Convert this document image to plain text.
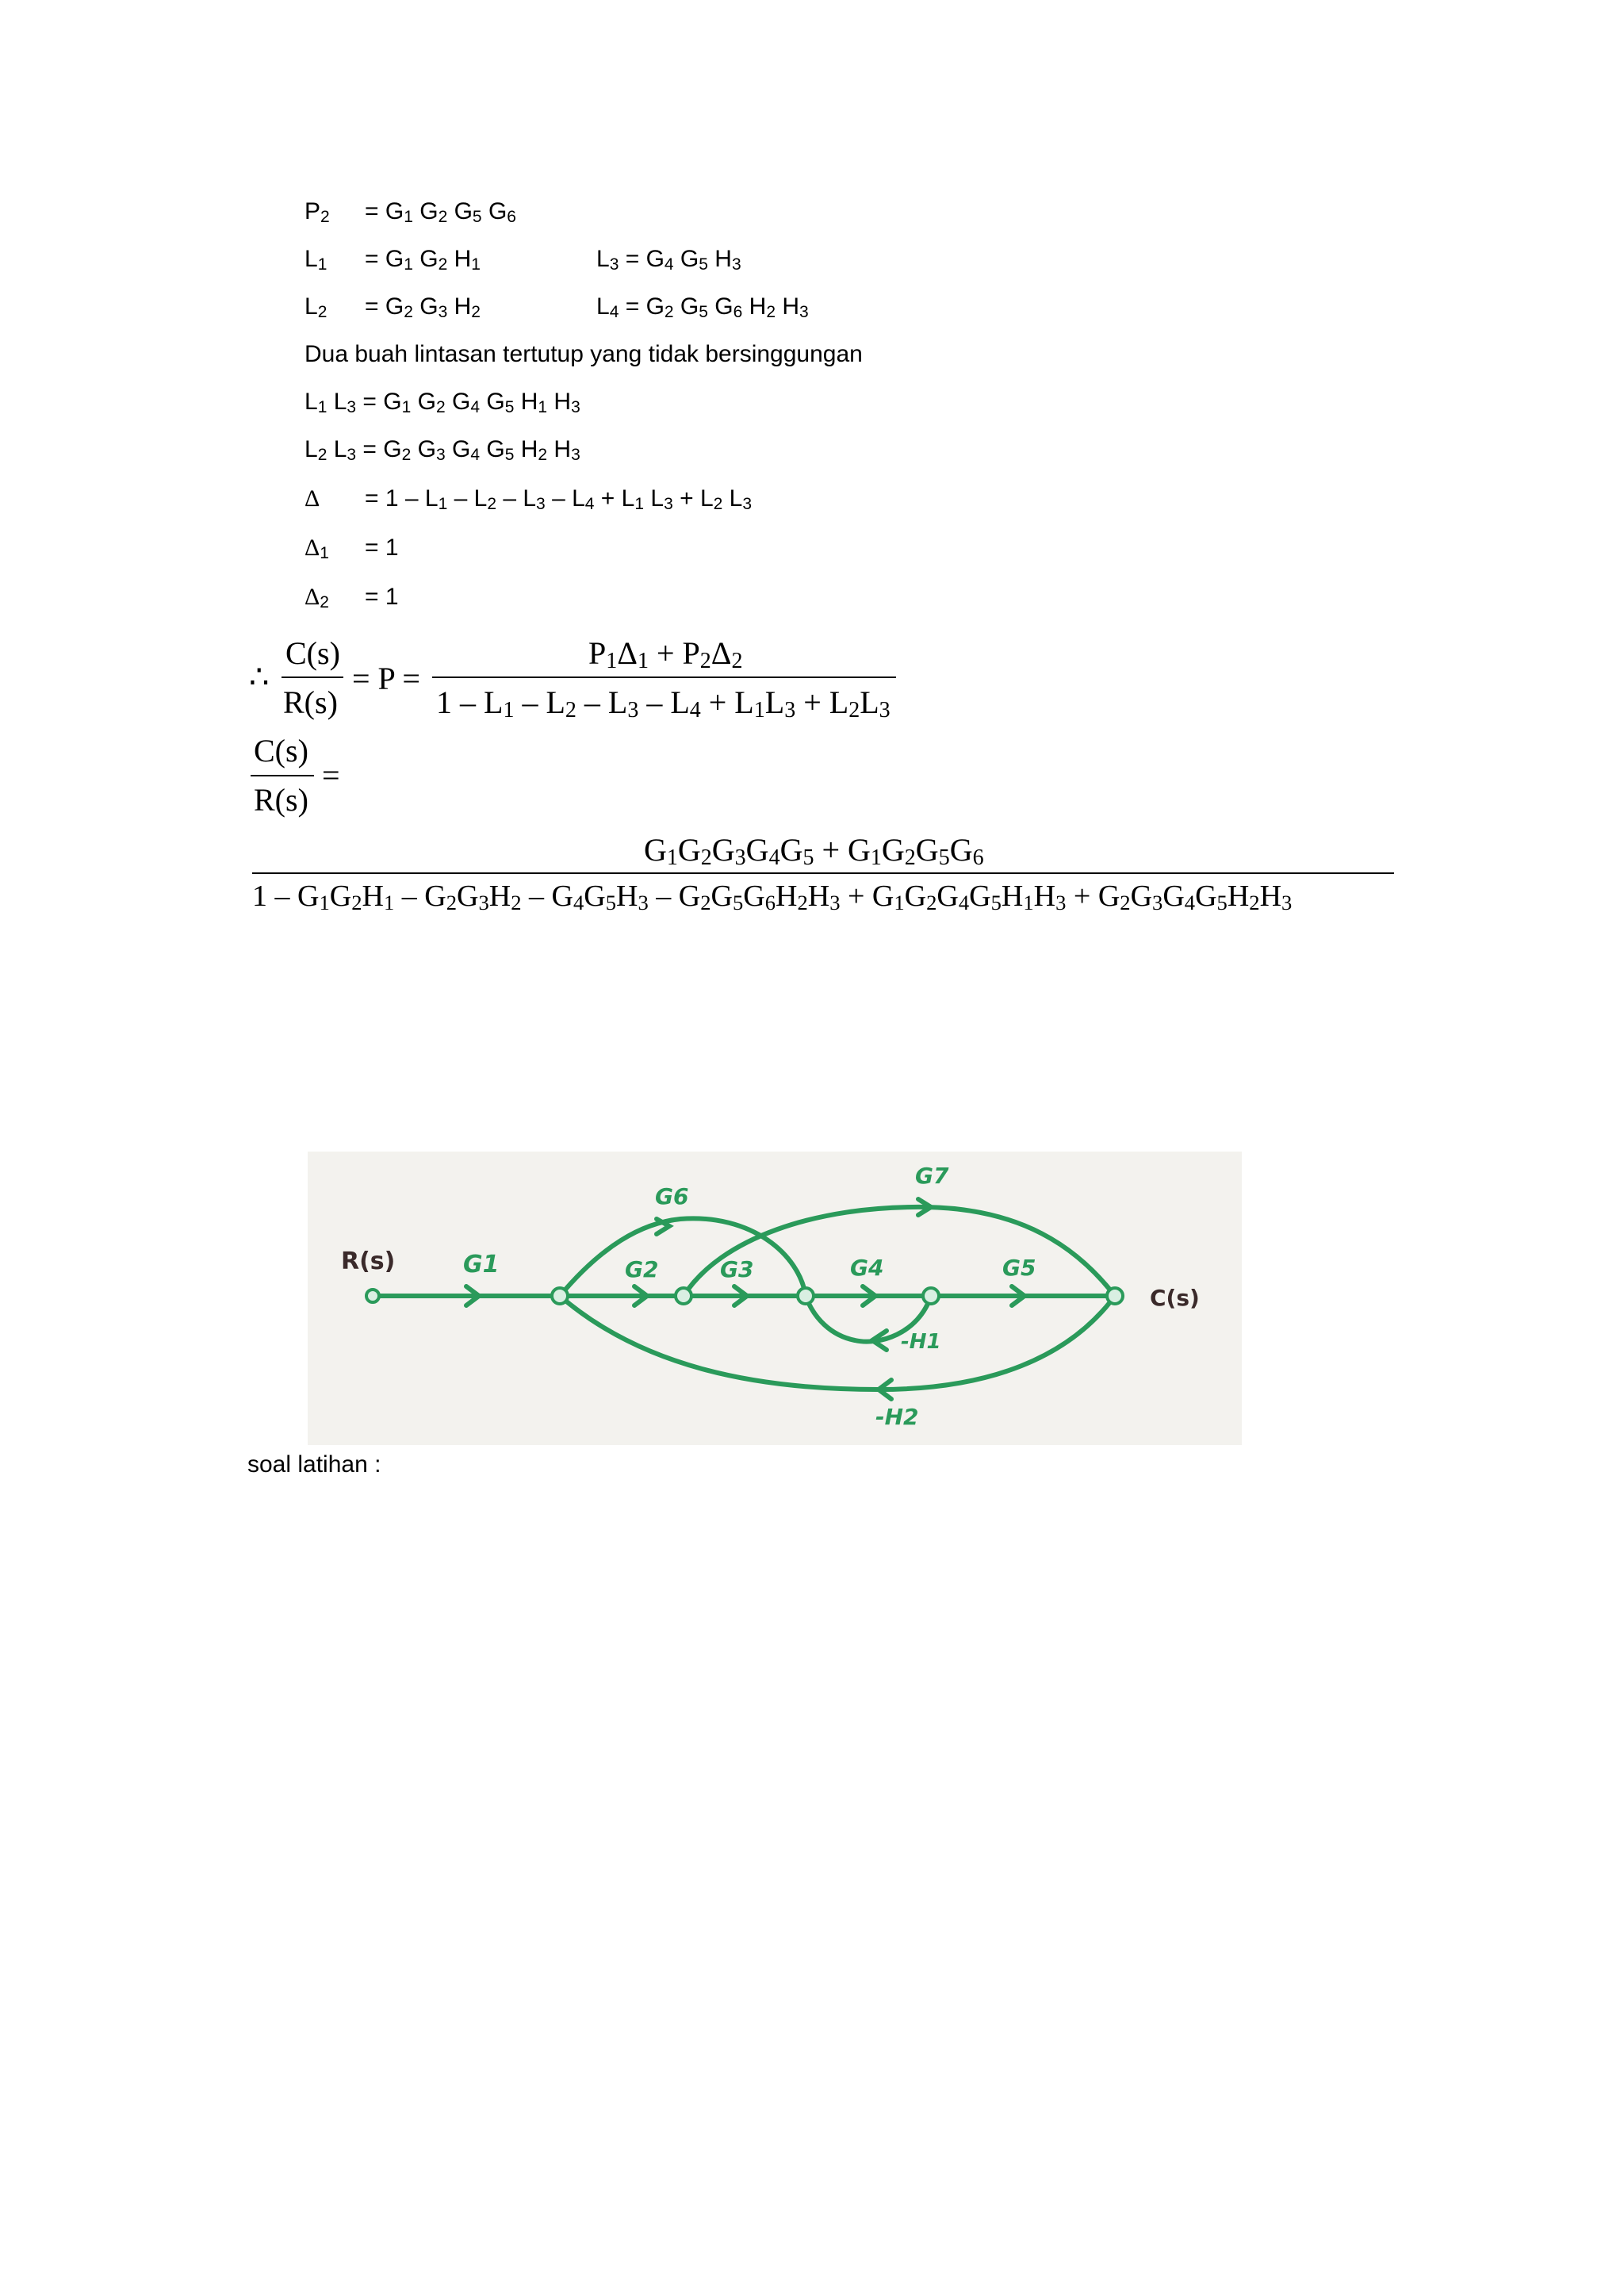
$P_2 = G_1$ $G_2$ $G_5$ $G_6$
$L_1 = G_1$ $G_2$ $H_1$	$L_3 = G_4$ $G_5$ $H_3$
$L_2 = G_2$ $G_3$ $H_2$	$L_4 = G_2$ $G_5$ $G_6$ $H_2$ $H_3$
Dua buah lintasan tertutup yang tidak bersinggungan
$L_1$ $L_3 = G_1$ $G_2$ $G_4$ $G_5$ $H_1$ $H_3$
$L_2$ $L_3 = G_2$ $G_3$ $G_4$ $G_5$ $H_2$ $H_3$
$\Delta = 1 - L_1 - L_2 - L_3 - L_4 + L_1$ $L_3 + L_2$ $L_3$
$\Delta_1 = 1$
$\Delta_2 = 1$
∴
C(s)
R(s)
= P =
$P_1\Delta_1 + P_2\Delta_2$
$1 - L_1 - L_2 - L_3 - L_4 + L_1L_3 + L_2L_3$
C(s)
R(s)
=
$G_1G_2G_3G_4G_5 + G_1G_2G_5G_6$
$1 - G_1G_2H_1 - G_2G_3H_2 - G_4G_5H_3 - G_2G_5G_6H_2H_3 + G_1G_2G_4G_5H_1H_3 + G_2G_3G_4G_5H_2H_3$
R(s)
C(s)
G1	G2	G3	G4	G5
G6
G7
-H1
-H2
soal latihan :
